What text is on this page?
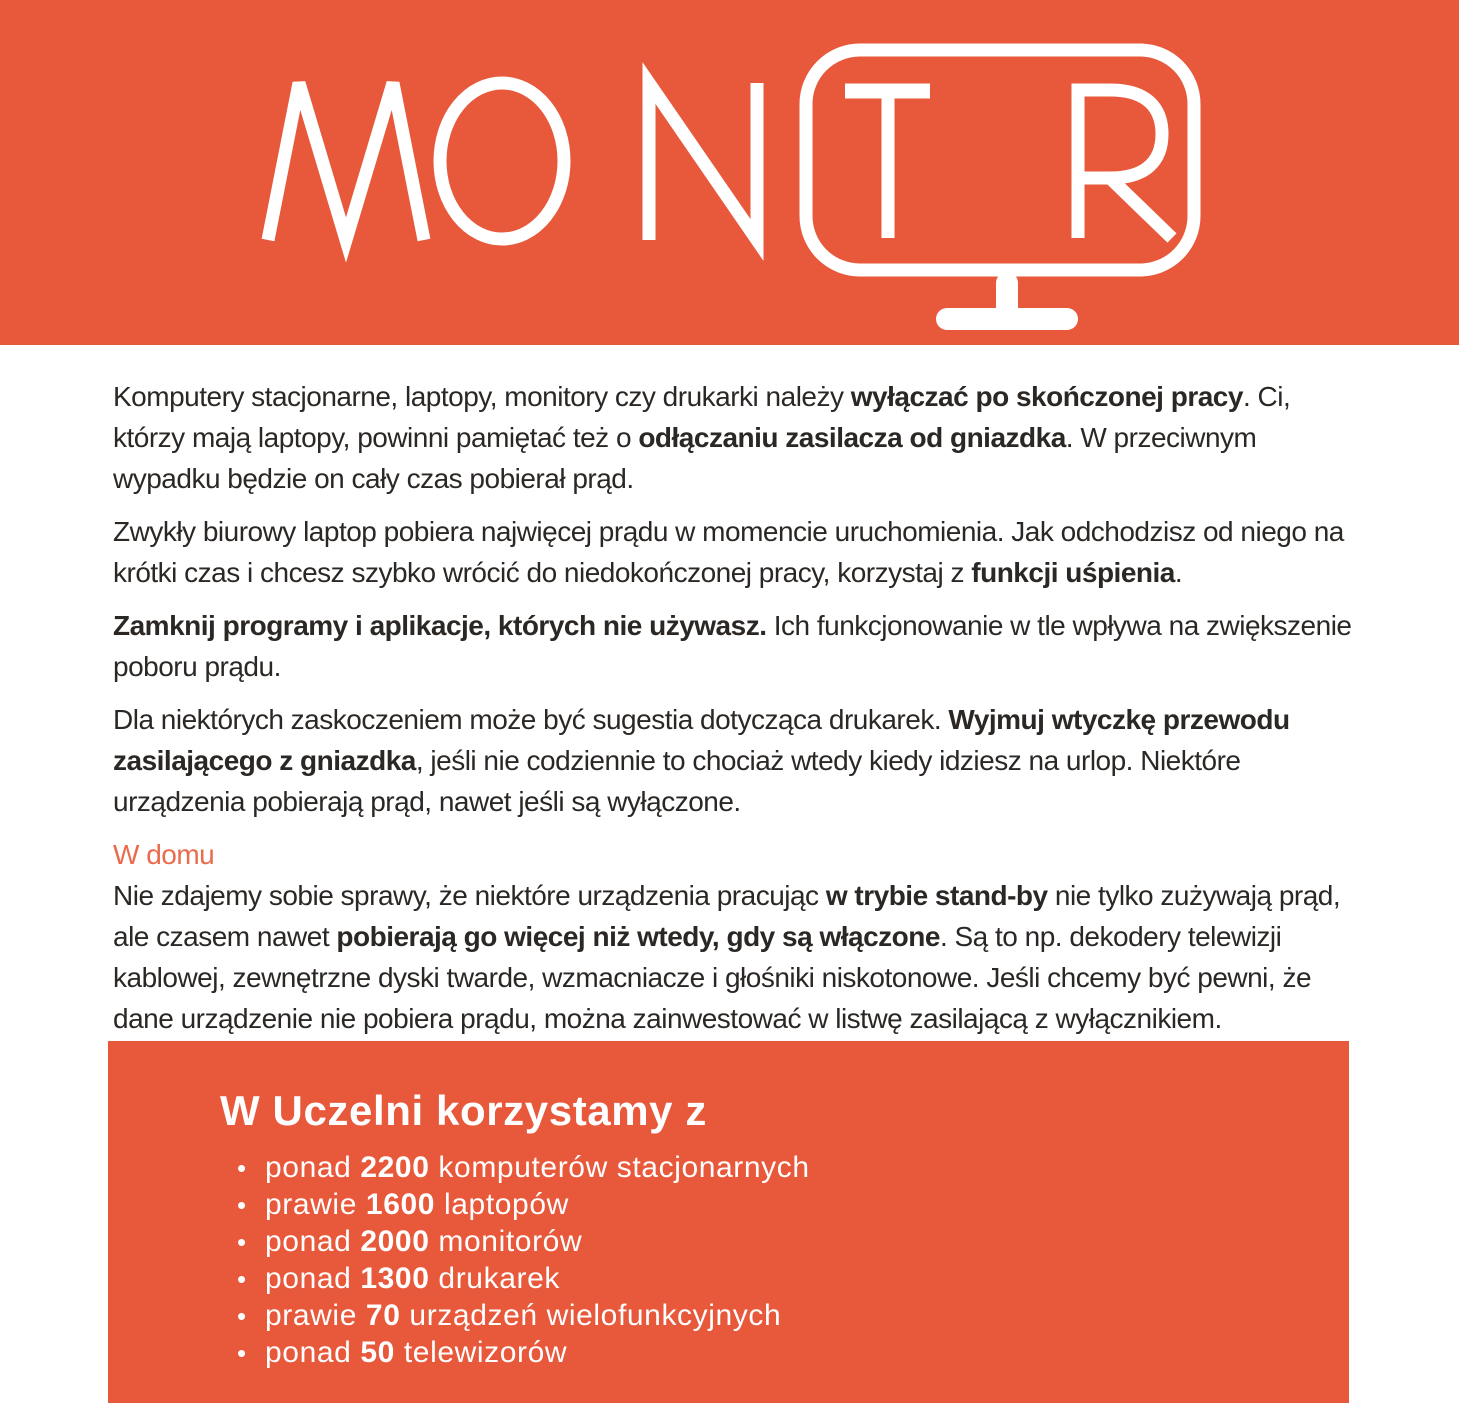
Komputery stacjonarne, laptopy, monitory czy drukarki należy wyłączać po skończonej pracy. Ci, którzy mają laptopy, powinni pamiętać też o odłączaniu zasilacza od gniazdka. W przeciwnym wypadku będzie on cały czas pobierał prąd.

Zwykły biurowy laptop pobiera najwięcej prądu w momencie uruchomienia. Jak odchodzisz od niego na krótki czas i chcesz szybko wrócić do niedokończonej pracy, korzystaj z funkcji uśpienia.

Zamknij programy i aplikacje, których nie używasz. Ich funkcjonowanie w tle wpływa na zwiększenie poboru prądu.

Dla niektórych zaskoczeniem może być sugestia dotycząca drukarek. Wyjmuj wtyczkę przewodu zasilającego z gniazdka, jeśli nie codziennie to chociaż wtedy kiedy idziesz na urlop. Niektóre urządzenia pobierają prąd, nawet jeśli są wyłączone.

W domu

Nie zdajemy sobie sprawy, że niektóre urządzenia pracując w trybie stand-by nie tylko zużywają prąd, ale czasem nawet pobierają go więcej niż wtedy, gdy są włączone. Są to np. dekodery telewizji kablowej, zewnętrzne dyski twarde, wzmacniacze i głośniki niskotonowe. Jeśli chcemy być pewni, że dane urządzenie nie pobiera prądu, można zainwestować w listwę zasilającą z wyłącznikiem.

W Uczelni korzystamy z
• ponad 2200 komputerów stacjonarnych
• prawie 1600 laptopów
• ponad 2000 monitorów
• ponad 1300 drukarek
• prawie 70 urządzeń wielofunkcyjnych
• ponad 50 telewizorów
